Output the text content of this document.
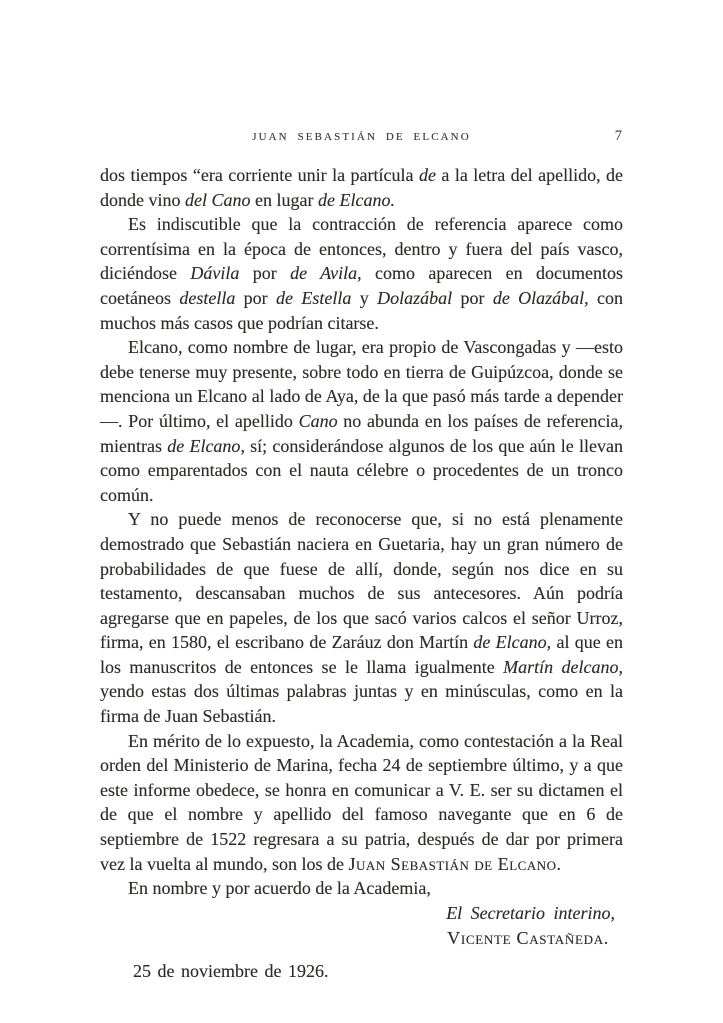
JUAN SEBASTIÁN DE ELCANO	7

dos tiempos “era corriente unir la partícula de a la letra del apellido, de donde vino del Cano en lugar de Elcano.

Es indiscutible que la contracción de referencia aparece como correntísima en la época de entonces, dentro y fuera del país vasco, diciéndose Dávila por de Avila, como aparecen en documentos coetáneos destella por de Estella y Dolazábal por de Olazábal, con muchos más casos que podrían citarse.

Elcano, como nombre de lugar, era propio de Vascongadas y —esto debe tenerse muy presente, sobre todo en tierra de Guipúzcoa, donde se menciona un Elcano al lado de Aya, de la que pasó más tarde a depender—. Por último, el apellido Cano no abunda en los países de referencia, mientras de Elcano, sí; considerándose algunos de los que aún le llevan como emparentados con el nauta célebre o procedentes de un tronco común.

Y no puede menos de reconocerse que, si no está plenamente demostrado que Sebastián naciera en Guetaria, hay un gran número de probabilidades de que fuese de allí, donde, según nos dice en su testamento, descansaban muchos de sus antecesores. Aún podría agregarse que en papeles, de los que sacó varios calcos el señor Urroz, firma, en 1580, el escribano de Zaráuz don Martín de Elcano, al que en los manuscritos de entonces se le llama igualmente Martín delcano, yendo estas dos últimas palabras juntas y en minúsculas, como en la firma de Juan Sebastián.

En mérito de lo expuesto, la Academia, como contestación a la Real orden del Ministerio de Marina, fecha 24 de septiembre último, y a que este informe obedece, se honra en comunicar a V. E. ser su dictamen el de que el nombre y apellido del famoso navegante que en 6 de septiembre de 1522 regresara a su patria, después de dar por primera vez la vuelta al mundo, son los de Juan Sebastián de Elcano.

En nombre y por acuerdo de la Academia,

El Secretario interino,
Vicente Castañeda.
25 de noviembre de 1926.
